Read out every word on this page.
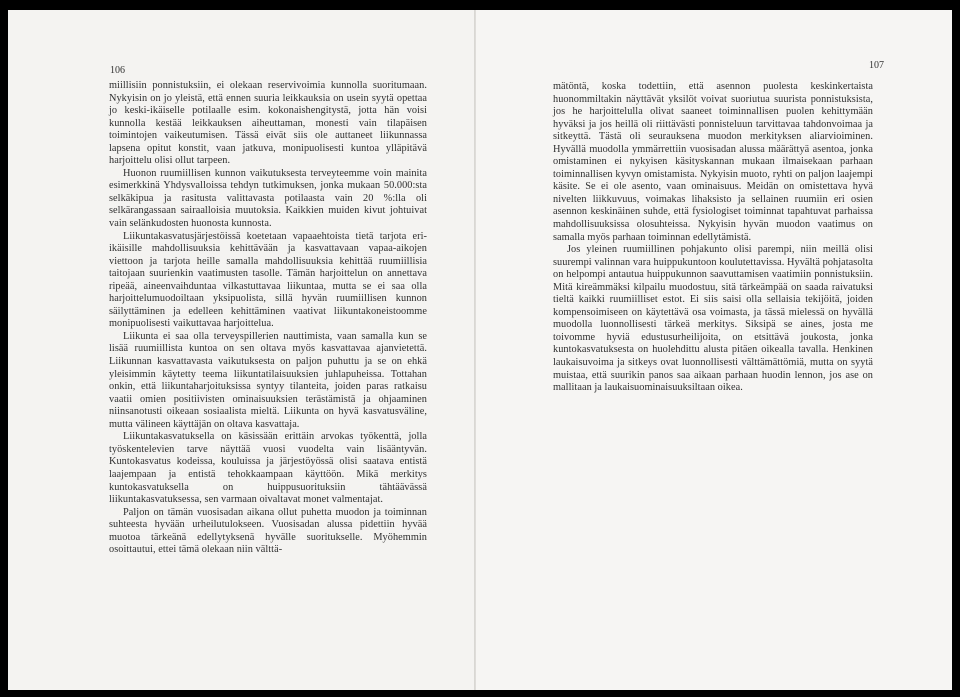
106

miillisiin ponnistuksiin, ei olekaan reservivoimia kunnolla suoritumaan. Nykyisin on jo yleistä, että ennen suuria leikkauksia on usein syytä opettaa jo keski-ikäiselle potilaalle esim. kokonaishengitystä, jotta hän voisi kunnolla kestää leikkauksen aiheuttaman, monesti vain tilapäisen toimintojen vaikeutumisen. Tässä eivät siis ole auttaneet liikunnassa lapsena opitut konstit, vaan jatkuva, monipuolisesti kuntoa ylläpitävä harjoittelu olisi ollut tarpeen.

Huonon ruumiillisen kunnon vaikutuksesta terveyteemme voin mainita esimerkkinä Yhdysvalloissa tehdyn tutkimuksen, jonka mukaan 50.000:sta selkäkipua ja rasitusta valittavasta potilaasta vain 20 %:lla oli selkärangassaan sairaalloisia muutoksia. Kaikkien muiden kivut johtuivat vain selänkudosten huonosta kunnosta.

Liikuntakasvatusjärjestöissä koetetaan vapaaehtoista tietä tarjota eri-ikäisille mahdollisuuksia kehittävään ja kasvattavaan vapaa-aikojen viettoon ja tarjota heille samalla mahdollisuuksia kehittää ruumiillisia taitojaan suurienkin vaatimusten tasolle. Tämän harjoittelun on annettava ripeää, aineenvaihduntaa vilkastuttavaa liikuntaa, mutta se ei saa olla harjoittelumuodoiltaan yksipuolista, sillä hyvän ruumiillisen kunnon säilyttäminen ja edelleen kehittäminen vaativat liikuntakoneistoomme monipuolisesti vaikuttavaa harjoittelua.

Liikunta ei saa olla terveyspillerien nauttimista, vaan samalla kun se lisää ruumiillista kuntoa on sen oltava myös kasvattavaa ajanvietettä. Liikunnan kasvattavasta vaikutuksesta on paljon puhuttu ja se on ehkä yleisimmin käytetty teema liikuntatilaisuuksien juhlapuheissa. Tottahan onkin, että liikuntaharjoituksissa syntyy tilanteita, joiden paras ratkaisu vaatii omien positiivisten ominaisuuksien terästämistä ja ohjaaminen niinsanotusti oikeaan sosiaalista mieltä. Liikunta on hyvä kasvatusväline, mutta välineen käyttäjän on oltava kasvattaja.

Liikuntakasvatuksella on käsissään erittäin arvokas työkenttä, jolla työskentelevien tarve näyttää vuosi vuodelta vain lisääntyvän. Kuntokasvatus kodeissa, kouluissa ja järjestöyössä olisi saatava entistä laajempaan ja entistä tehokkaampaan käyttöön. Mikä merkitys kuntokasvatuksella on huippusuorituksiin tähtäävässä liikuntakasvatuksessa, sen varmaan oivaltavat monet valmentajat.

Paljon on tämän vuosisadan aikana ollut puhetta muodon ja toiminnan suhteesta hyvään urheilutulokseen. Vuosisadan alussa pidettiin hyvää muotoa tärkeänä edellytyksenä hyvälle suoritukselle. Myöhemmin osoittautui, ettei tämä olekaan niin välttä-

107

mätöntä, koska todettiin, että asennon puolesta keskinkertaista huonommiltakin näyttävät yksilöt voivat suoriutua suurista ponnistuksista, jos he harjoittelulla olivat saaneet toiminnallisen puolen kehittymään hyväksi ja jos heillä oli riittävästi ponnisteluun tarvittavaa tahdonvoimaa ja sitkeyttä. Tästä oli seurauksena muodon merkityksen aliarvioiminen. Hyvällä muodolla ymmärrettiin vuosisadan alussa määrättyä asentoa, jonka omistaminen ei nykyisen käsityskannan mukaan ilmaisekaan parhaan toiminnallisen kyvyn omistamista. Nykyisin muoto, ryhti on paljon laajempi käsite. Se ei ole asento, vaan ominaisuus. Meidän on omistettava hyvä nivelten liikkuvuus, voimakas lihaksisto ja sellainen ruumiin eri osien asennon keskinäinen suhde, että fysiologiset toiminnat tapahtuvat parhaissa mahdollisuuksissa olosuhteissa. Nykyisin hyvän muodon vaatimus on samalla myös parhaan toiminnan edellytämistä.

Jos yleinen ruumiillinen pohjakunto olisi parempi, niin meillä olisi suurempi valinnan vara huippukuntoon koulutettavissa. Hyvältä pohjatasolta on helpompi antautua huippukunnon saavuttamisen vaatimiin ponnistuksiin. Mitä kireämmäksi kilpailu muodostuu, sitä tärkeämpää on saada raivatuksi tieltä kaikki ruumiilliset estot. Ei siis saisi olla sellaisia tekijöitä, joiden kompensoimiseen on käytettävä osa voimasta, ja tässä mielessä on hyvällä muodolla luonnollisesti tärkeä merkitys. Siksipä se aines, josta me toivomme hyviä edustusurheilijoita, on etsittävä joukosta, jonka kuntokasvatuksesta on huolehdittu alusta pitäen oikealla tavalla. Henkinen laukaisuvoima ja sitkeys ovat luonnollisesti välttämättömiä, mutta on syytä muistaa, että suurikin panos saa aikaan parhaan huodin lennon, jos ase on mallitaan ja laukaisuominaisuuksiltaan oikea.
